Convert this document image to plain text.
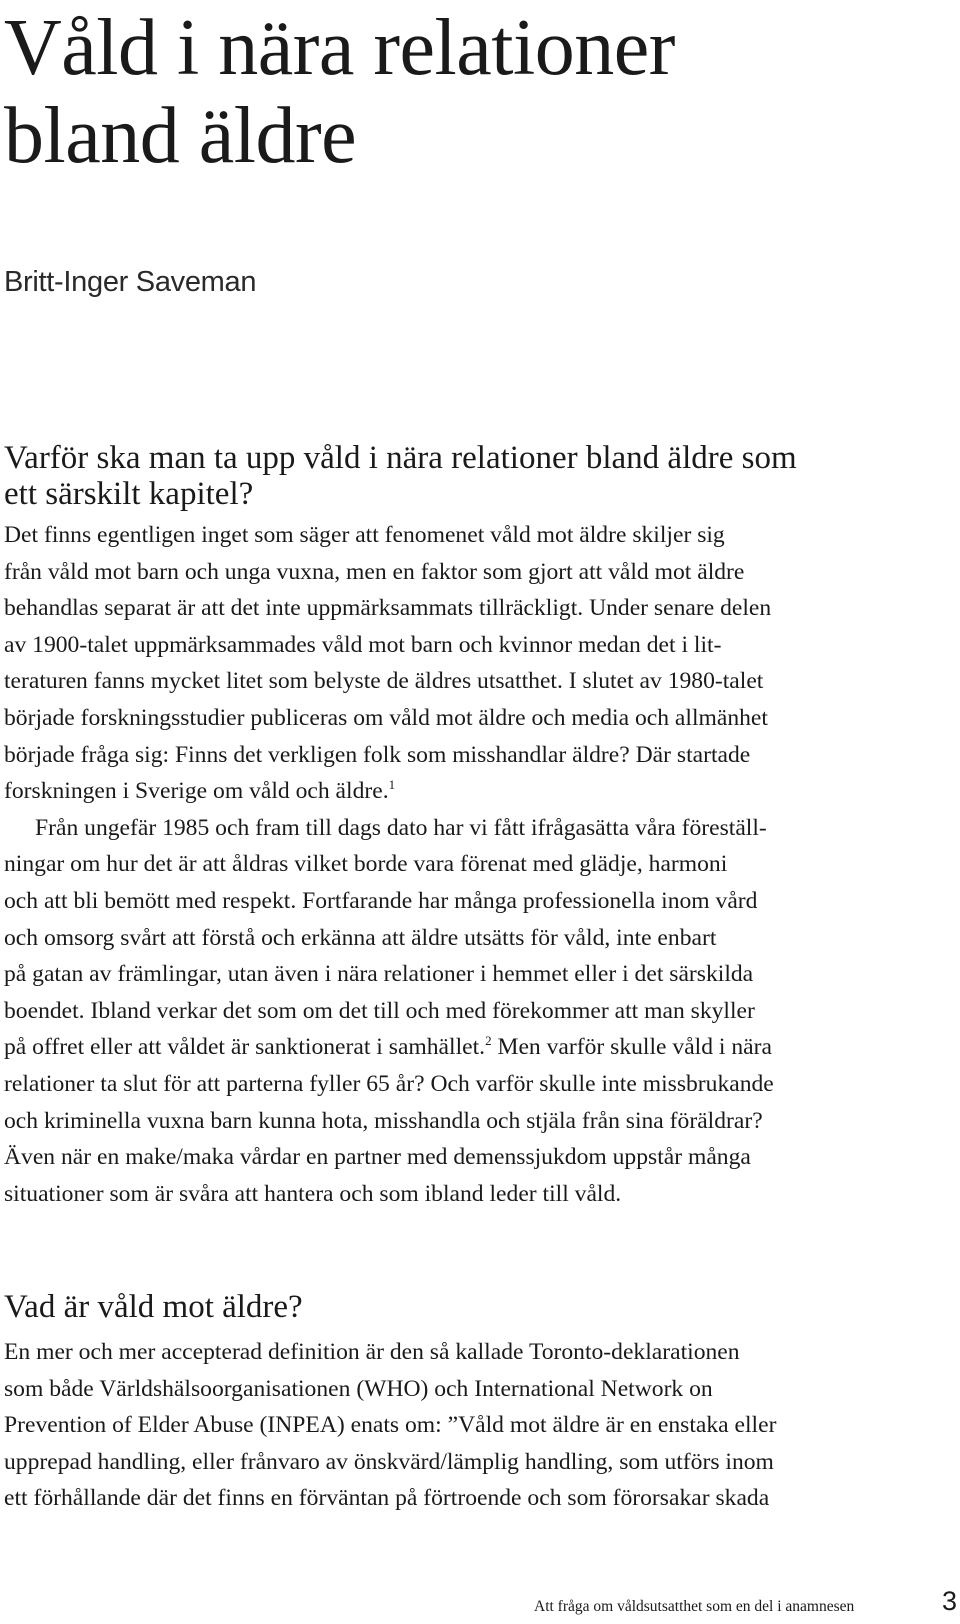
Våld i nära relationer
bland äldre
Britt-Inger Saveman
Varför ska man ta upp våld i nära relationer bland äldre som
ett särskilt kapitel?
Det finns egentligen inget som säger att fenomenet våld mot äldre skiljer sig
från våld mot barn och unga vuxna, men en faktor som gjort att våld mot äldre
behandlas separat är att det inte uppmärksammats tillräckligt. Under senare delen
av 1900-talet uppmärksammades våld mot barn och kvinnor medan det i lit-
teraturen fanns mycket litet som belyste de äldres utsatthet. I slutet av 1980-talet
började forskningsstudier publiceras om våld mot äldre och media och allmänhet
började fråga sig: Finns det verkligen folk som misshandlar äldre? Där startade
forskningen i Sverige om våld och äldre.$^1$
Från ungefär 1985 och fram till dags dato har vi fått ifrågasätta våra föreställ-
ningar om hur det är att åldras vilket borde vara förenat med glädje, harmoni
och att bli bemött med respekt. Fortfarande har många professionella inom vård
och omsorg svårt att förstå och erkänna att äldre utsätts för våld, inte enbart
på gatan av främlingar, utan även i nära relationer i hemmet eller i det särskilda
boendet. Ibland verkar det som om det till och med förekommer att man skyller
på offret eller att våldet är sanktionerat i samhället.$^2$ Men varför skulle våld i nära
relationer ta slut för att parterna fyller 65 år? Och varför skulle inte missbrukande
och kriminella vuxna barn kunna hota, misshandla och stjäla från sina föräldrar?
Även när en make/maka vårdar en partner med demenssjukdom uppstår många
situationer som är svåra att hantera och som ibland leder till våld.
Vad är våld mot äldre?
En mer och mer accepterad definition är den så kallade Toronto-deklarationen
som både Världshälsoorganisationen (WHO) och International Network on
Prevention of Elder Abuse (INPEA) enats om: ”Våld mot äldre är en enstaka eller
upprepad handling, eller frånvaro av önskvärd/lämplig handling, som utförs inom
ett förhållande där det finns en förväntan på förtroende och som förorsakar skada
Att fråga om våldsutsatthet som en del i anamnesen	3
